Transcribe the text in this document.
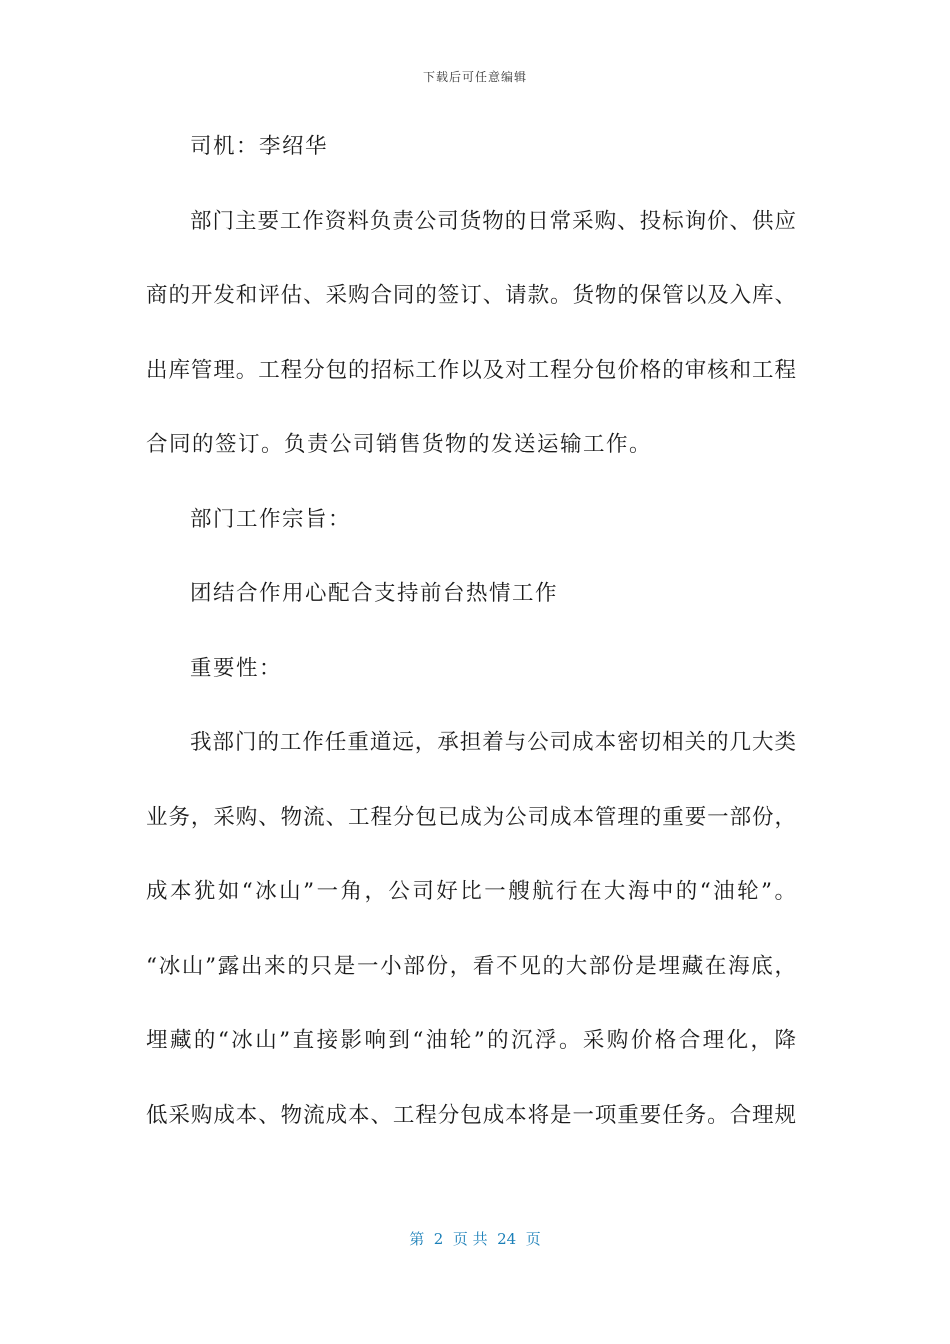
下载后可任意编辑
司机：李绍华
部门主要工作资料负责公司货物的日常采购、投标询价、供应
商的开发和评估、采购合同的签订、请款。货物的保管以及入库、
出库管理。工程分包的招标工作以及对工程分包价格的审核和工程
合同的签订。负责公司销售货物的发送运输工作。
部门工作宗旨：
团结合作用心配合支持前台热情工作
重要性：
我部门的工作任重道远，承担着与公司成本密切相关的几大类
业务，采购、物流、工程分包已成为公司成本管理的重要一部份，
成本犹如“冰山”一角，公司好比一艘航行在大海中的“油轮”。
“冰山”露出来的只是一小部份，看不见的大部份是埋藏在海底，
埋藏的“冰山”直接影响到“油轮”的沉浮。采购价格合理化，降
低采购成本、物流成本、工程分包成本将是一项重要任务。合理规
第  2  页 共  24  页
